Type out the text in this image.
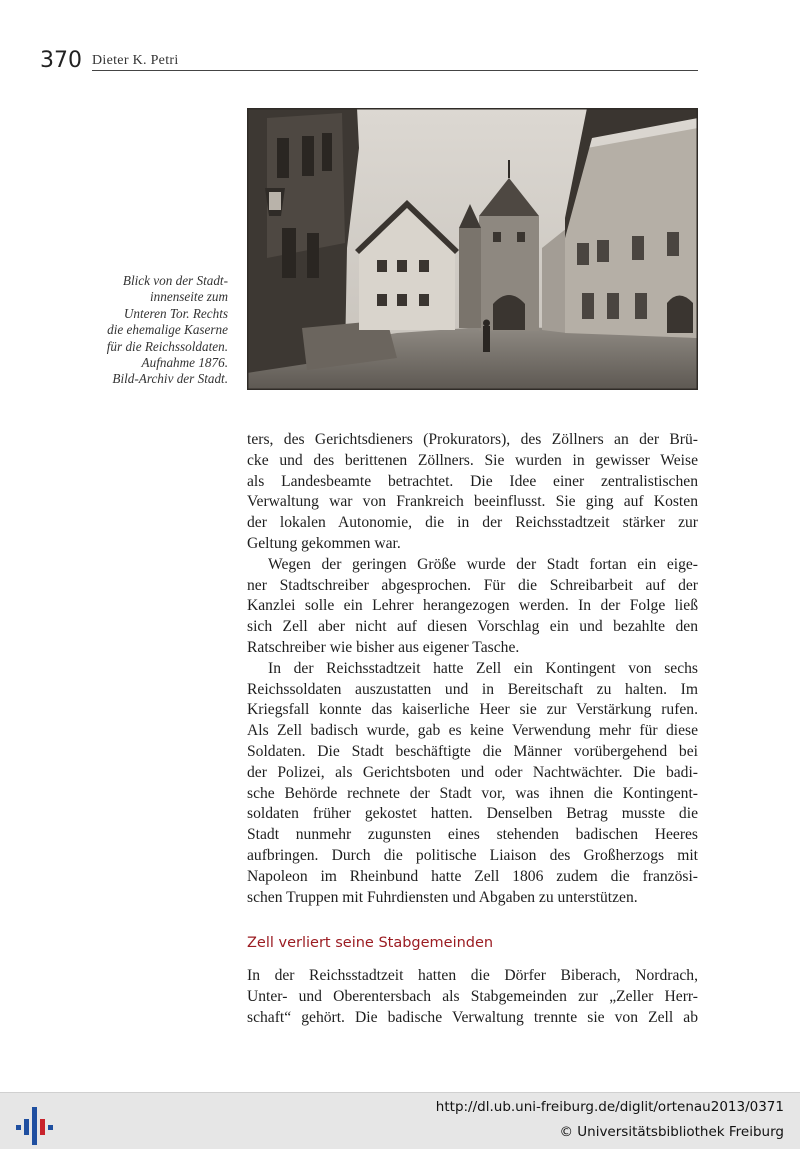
370 Dieter K. Petri
Blick von der Stadt-
innenseite zum
Unteren Tor. Rechts
die ehemalige Kaserne
für die Reichssoldaten.
Aufnahme 1876.
Bild-Archiv der Stadt.
ters, des Gerichtsdieners (Prokurators), des Zöllners an der Brü-
cke und des berittenen Zöllners. Sie wurden in gewisser Weise
als Landesbeamte betrachtet. Die Idee einer zentralistischen
Verwaltung war von Frankreich beeinflusst. Sie ging auf Kosten
der lokalen Autonomie, die in der Reichsstadtzeit stärker zur
Geltung gekommen war.
Wegen der geringen Größe wurde der Stadt fortan ein eige-
ner Stadtschreiber abgesprochen. Für die Schreibarbeit auf der
Kanzlei solle ein Lehrer herangezogen werden. In der Folge ließ
sich Zell aber nicht auf diesen Vorschlag ein und bezahlte den
Ratschreiber wie bisher aus eigener Tasche.
In der Reichsstadtzeit hatte Zell ein Kontingent von sechs
Reichssoldaten auszustatten und in Bereitschaft zu halten. Im
Kriegsfall konnte das kaiserliche Heer sie zur Verstärkung rufen.
Als Zell badisch wurde, gab es keine Verwendung mehr für diese
Soldaten. Die Stadt beschäftigte die Männer vorübergehend bei
der Polizei, als Gerichtsboten und oder Nachtwächter. Die badi-
sche Behörde rechnete der Stadt vor, was ihnen die Kontingent-
soldaten früher gekostet hatten. Denselben Betrag musste die
Stadt nunmehr zugunsten eines stehenden badischen Heeres
aufbringen. Durch die politische Liaison des Großherzogs mit
Napoleon im Rheinbund hatte Zell 1806 zudem die französi-
schen Truppen mit Fuhrdiensten und Abgaben zu unterstützen.
Zell verliert seine Stabgemeinden
In der Reichsstadtzeit hatten die Dörfer Biberach, Nordrach,
Unter- und Oberentersbach als Stabgemeinden zur „Zeller Herr-
schaft“ gehört. Die badische Verwaltung trennte sie von Zell ab
http://dl.ub.uni-freiburg.de/diglit/ortenau2013/0371
© Universitätsbibliothek Freiburg
